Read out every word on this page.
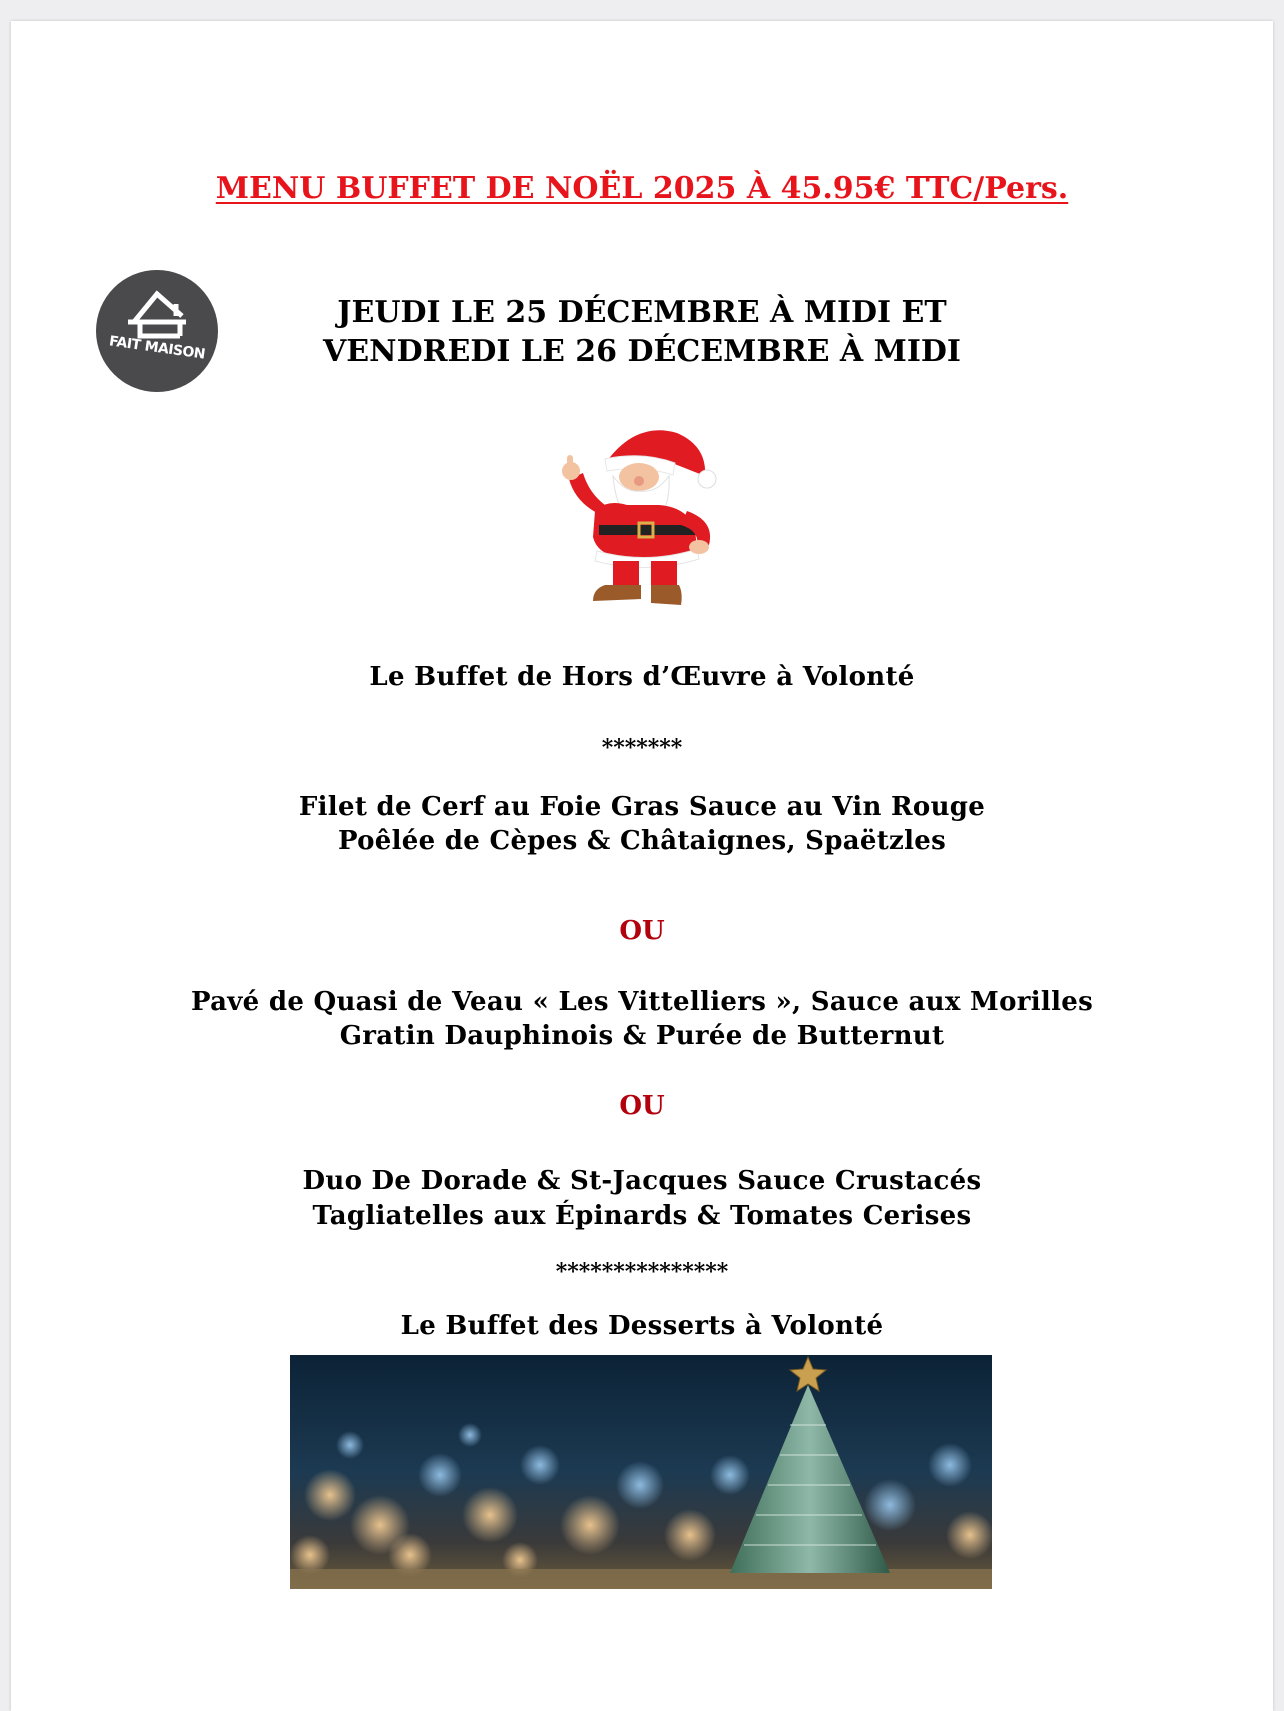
MENU BUFFET DE NOËL 2025 À 45.95€ TTC/Pers.

FAIT MAISON

JEUDI LE 25 DÉCEMBRE À MIDI ET

VENDREDI LE 26 DÉCEMBRE À MIDI

Le Buffet de Hors d’Œuvre à Volonté

*******

Filet de Cerf au Foie Gras Sauce au Vin Rouge

Poêlée de Cèpes & Châtaignes, Spaëtzles

OU

Pavé de Quasi de Veau « Les Vittelliers », Sauce aux Morilles

Gratin Dauphinois & Purée de Butternut

OU

Duo De Dorade & St-Jacques Sauce Crustacés

Tagliatelles aux Épinards & Tomates Cerises

***************

Le Buffet des Desserts à Volonté
